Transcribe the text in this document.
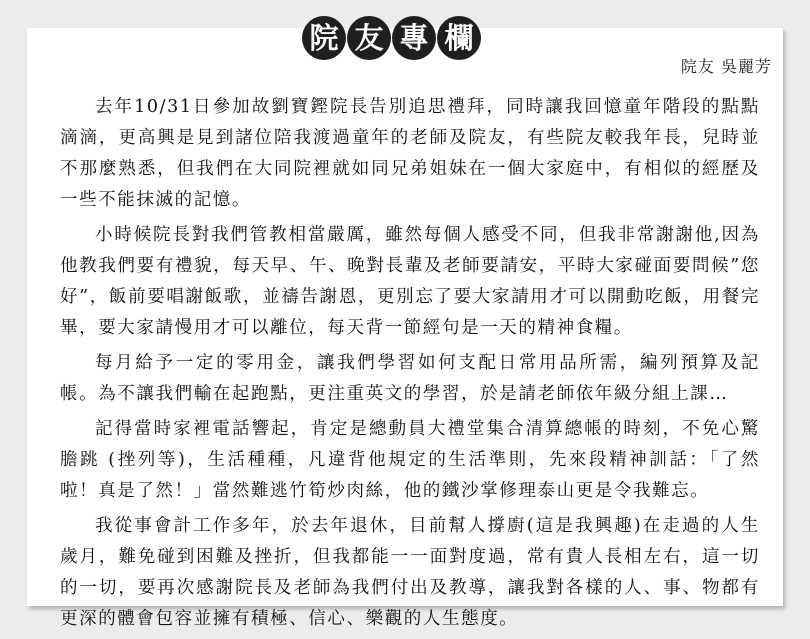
院 友 專 欄
院友 吳麗芳

去年10/31日參加故劉寶鏗院長告別追思禮拜，同時讓我回憶童年階段的點點滴滴，更高興是見到諸位陪我渡過童年的老師及院友，有些院友較我年長，兒時並不那麼熟悉，但我們在大同院裡就如同兄弟姐妹在一個大家庭中，有相似的經歷及一些不能抹滅的記憶。

小時候院長對我們管教相當嚴厲，雖然每個人感受不同，但我非常謝謝他,因為他教我們要有禮貌，每天早、午、晚對長輩及老師要請安，平時大家碰面要問候”您好”，飯前要唱謝飯歌，並禱告謝恩，更別忘了要大家請用才可以開動吃飯，用餐完畢，要大家請慢用才可以離位，每天背一節經句是一天的精神食糧。

每月給予一定的零用金，讓我們學習如何支配日常用品所需，編列預算及記帳。為不讓我們輸在起跑點，更注重英文的學習，於是請老師依年級分組上課…

記得當時家裡電話響起，肯定是總動員大禮堂集合清算總帳的時刻，不免心驚膽跳 (挫列等)，生活種種，凡違背他規定的生活準則，先來段精神訓話：「了然啦！真是了然！」當然難逃竹筍炒肉絲，他的鐵沙掌修理泰山更是令我難忘。

我從事會計工作多年，於去年退休，目前幫人撐廚(這是我興趣)在走過的人生歲月，難免碰到困難及挫折，但我都能一一面對度過，常有貴人長相左右，這一切的一切，要再次感謝院長及老師為我們付出及教導，讓我對各樣的人、事、物都有更深的體會包容並擁有積極、信心、樂觀的人生態度。
